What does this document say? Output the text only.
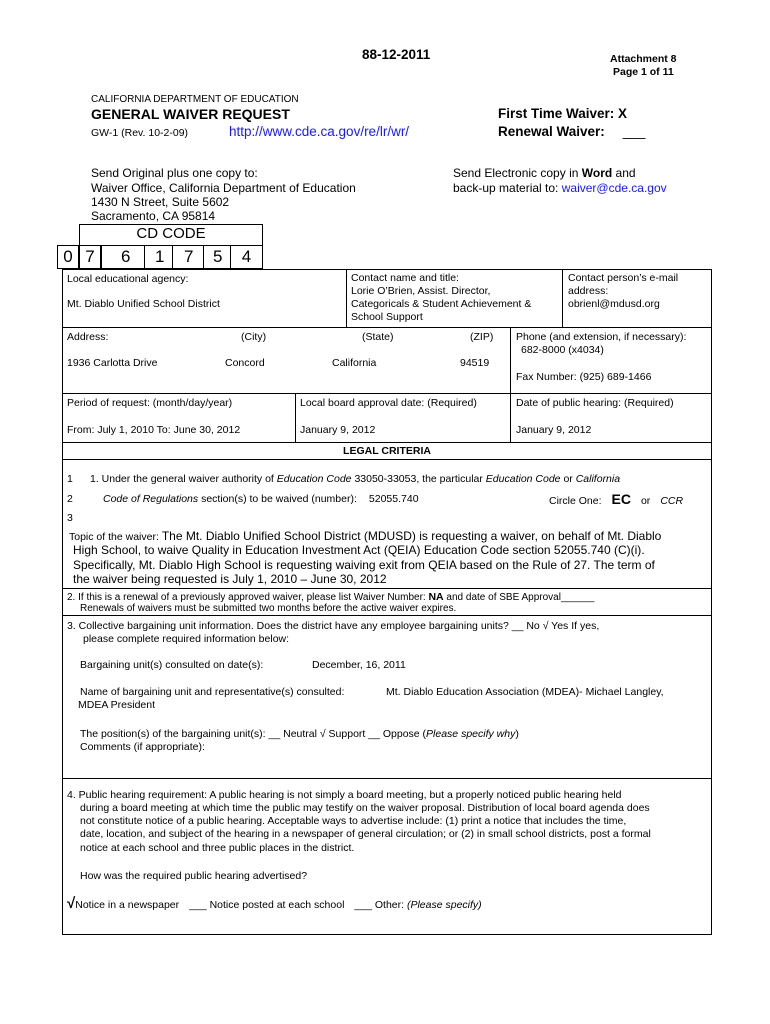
88-12-2011	Attachment 8
Page 1 of 11
CALIFORNIA DEPARTMENT OF EDUCATION
GENERAL WAIVER REQUEST
GW-1 (Rev. 10-2-09)	http://www.cde.ca.gov/re/lr/wr/
First Time Waiver: X
Renewal Waiver: ___
Send Original plus one copy to:
Waiver Office, California Department of Education
1430 N Street, Suite 5602
Sacramento, CA 95814
Send Electronic copy in Word and
back-up material to: waiver@cde.ca.gov
CD CODE
0 7	6	1	7	5	4
Local educational agency:
Mt. Diablo Unified School District
Contact name and title:
Lorie O’Brien, Assist. Director,
Categoricals & Student Achievement &
School Support
Contact person’s e-mail
address:
obrienl@mdusd.org
Address:	(City)	(State)	(ZIP)
1936 Carlotta Drive	Concord	California	94519
Phone (and extension, if necessary):
682-8000 (x4034)
Fax Number: (925) 689-1466
Period of request: (month/day/year)
From: July 1, 2010 To: June 30, 2012
Local board approval date: (Required)
January 9, 2012
Date of public hearing: (Required)
January 9, 2012
LEGAL CRITERIA
1
2
3
1. Under the general waiver authority of Education Code 33050-33053, the particular Education Code or California
Code of Regulations section(s) to be waived (number): 52055.740	Circle One: EC or CCR
Topic of the waiver: The Mt. Diablo Unified School District (MDUSD) is requesting a waiver, on behalf of Mt. Diablo
High School, to waive Quality in Education Investment Act (QEIA) Education Code section 52055.740 (C)(i).
Specifically, Mt. Diablo High School is requesting waiving exit from QEIA based on the Rule of 27. The term of
the waiver being requested is July 1, 2010 – June 30, 2012
2. If this is a renewal of a previously approved waiver, please list Waiver Number: NA and date of SBE Approval______
Renewals of waivers must be submitted two months before the active waiver expires.
3. Collective bargaining unit information. Does the district have any employee bargaining units? __ No √ Yes If yes,
please complete required information below:
Bargaining unit(s) consulted on date(s):	December, 16, 2011
Name of bargaining unit and representative(s) consulted:	Mt. Diablo Education Association (MDEA)- Michael Langley,
MDEA President
The position(s) of the bargaining unit(s): __ Neutral √ Support __ Oppose (Please specify why)
Comments (if appropriate):
4. Public hearing requirement: A public hearing is not simply a board meeting, but a properly noticed public hearing held
during a board meeting at which time the public may testify on the waiver proposal. Distribution of local board agenda does
not constitute notice of a public hearing. Acceptable ways to advertise include: (1) print a notice that includes the time,
date, location, and subject of the hearing in a newspaper of general circulation; or (2) in small school districts, post a formal
notice at each school and three public places in the district.
How was the required public hearing advertised?
√Notice in a newspaper ___ Notice posted at each school ___ Other: (Please specify)
